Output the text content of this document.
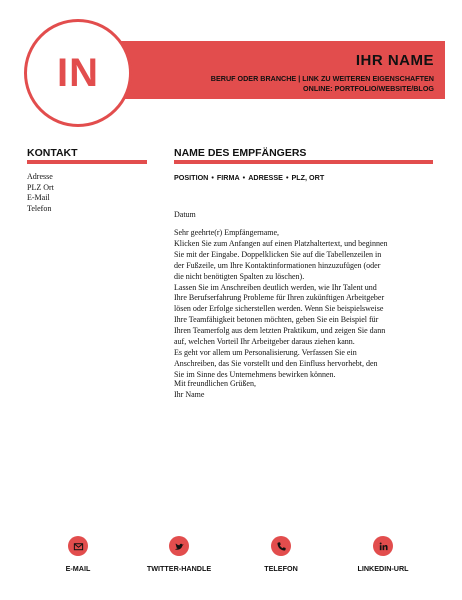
IN	IHR NAME
BERUF ODER BRANCHE | LINK ZU WEITEREN EIGENSCHAFTEN
ONLINE: PORTFOLIO/WEBSITE/BLOG
KONTAKT
Adresse
PLZ Ort
E-Mail
Telefon
NAME DES EMPFÄNGERS
POSITION • FIRMA • ADRESSE • PLZ, ORT
Datum
Sehr geehrte(r) Empfängername,
Klicken Sie zum Anfangen auf einen Platzhaltertext, und beginnen
Sie mit der Eingabe. Doppelklicken Sie auf die Tabellenzeilen in
der Fußzeile, um Ihre Kontaktinformationen hinzuzufügen (oder
die nicht benötigten Spalten zu löschen).
Lassen Sie im Anschreiben deutlich werden, wie Ihr Talent und
Ihre Berufserfahrung Probleme für Ihren zukünftigen Arbeitgeber
lösen oder Erfolge sicherstellen werden. Wenn Sie beispielsweise
Ihre Teamfähigkeit betonen möchten, geben Sie ein Beispiel für
Ihren Teamerfolg aus dem letzten Praktikum, und zeigen Sie dann
auf, welchen Vorteil Ihr Arbeitgeber daraus ziehen kann.
Es geht vor allem um Personalisierung. Verfassen Sie ein
Anschreiben, das Sie vorstellt und den Einfluss hervorhebt, den
Sie im Sinne des Unternehmens bewirken können.
Mit freundlichen Grüßen,
Ihr Name
E-MAIL	TWITTER-HANDLE	TELEFON	LINKEDIN-URL
